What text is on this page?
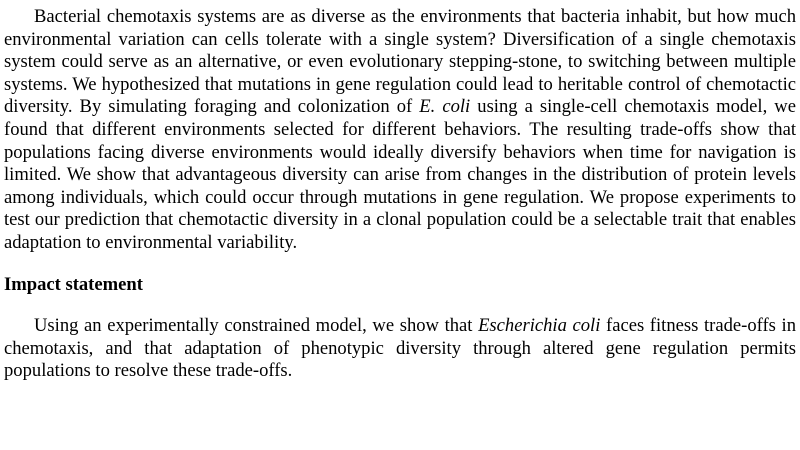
Bacterial chemotaxis systems are as diverse as the environments that bacteria inhabit, but how much environmental variation can cells tolerate with a single system? Diversification of a single chemotaxis system could serve as an alternative, or even evolutionary stepping-stone, to switching between multiple systems. We hypothesized that mutations in gene regulation could lead to heritable control of chemotactic diversity. By simulating foraging and colonization of E. coli using a single-cell chemotaxis model, we found that different environments selected for different behaviors. The resulting trade-offs show that populations facing diverse environments would ideally diversify behaviors when time for navigation is limited. We show that advantageous diversity can arise from changes in the distribution of protein levels among individuals, which could occur through mutations in gene regulation. We propose experiments to test our prediction that chemotactic diversity in a clonal population could be a selectable trait that enables adaptation to environmental variability.

Impact statement

Using an experimentally constrained model, we show that Escherichia coli faces fitness trade-offs in chemotaxis, and that adaptation of phenotypic diversity through altered gene regulation permits populations to resolve these trade-offs.
